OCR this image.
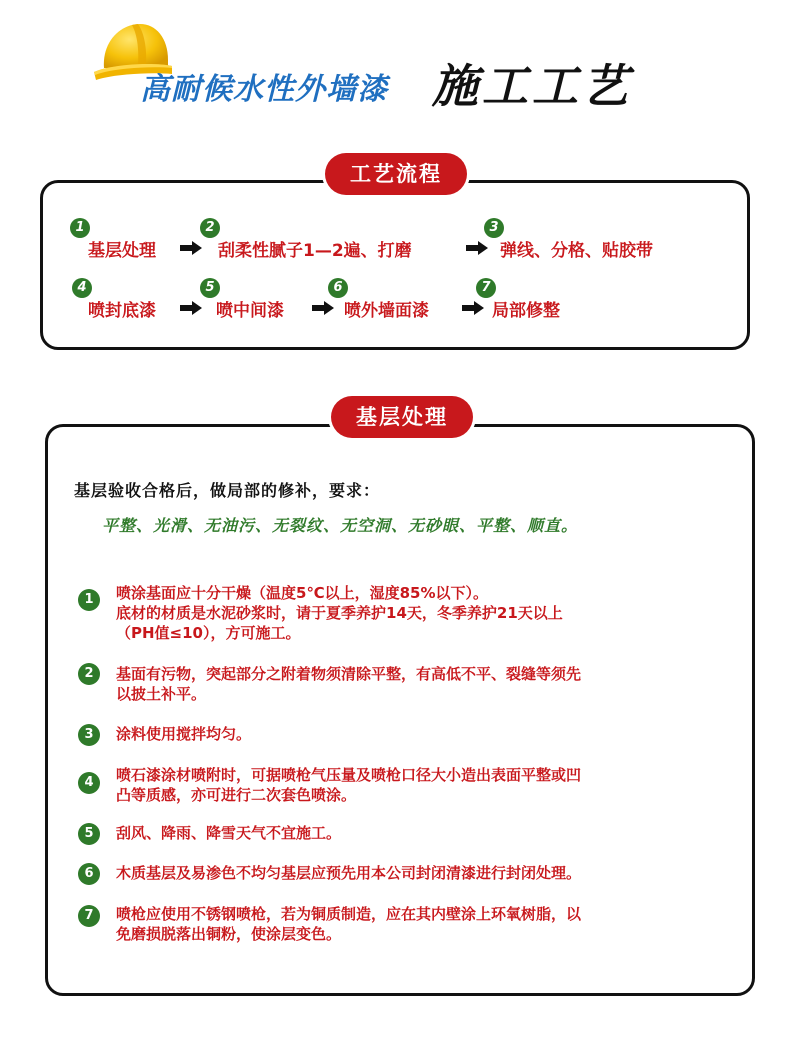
高耐候水性外墙漆 施工工艺
工艺流程
1
基层处理
2
刮柔性腻子1—2遍、打磨
3
弹线、分格、贴胶带
4
喷封底漆
5
喷中间漆
6
喷外墙面漆
7
局部修整
基层处理
基层验收合格后，做局部的修补，要求：
平整、光滑、无油污、无裂纹、无空洞、无砂眼、平整、顺直。
1	喷涂基面应十分干燥（温度5℃以上，湿度85%以下）。
底材的材质是水泥砂浆时，请于夏季养护14天，冬季养护21天以上
（PH值≤10），方可施工。
2	基面有污物，突起部分之附着物须清除平整，有高低不平、裂缝等须先
以披土补平。
3	涂料使用搅拌均匀。
4	喷石漆涂材喷附时，可据喷枪气压量及喷枪口径大小造出表面平整或凹
凸等质感，亦可进行二次套色喷涂。
5	刮风、降雨、降雪天气不宜施工。
6	木质基层及易渗色不均匀基层应预先用本公司封闭清漆进行封闭处理。
7	喷枪应使用不锈钢喷枪，若为铜质制造，应在其内壁涂上环氧树脂，以
免磨损脱落出铜粉，使涂层变色。
